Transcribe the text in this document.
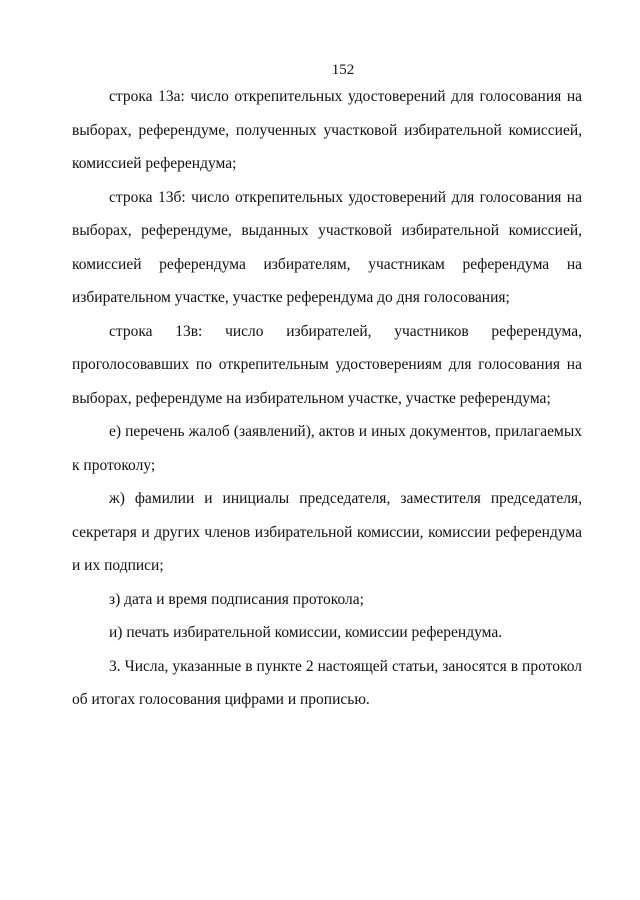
152

строка 13а: число открепительных удостоверений для голосования на выборах, референдуме, полученных участковой избирательной комиссией, комиссией референдума;

строка 13б: число открепительных удостоверений для голосования на выборах, референдуме, выданных участковой избирательной комиссией, комиссией референдума избирателям, участникам референдума на избирательном участке, участке референдума до дня голосования;

строка 13в: число избирателей, участников референдума, проголосовавших по открепительным удостоверениям для голосования на выборах, референдуме на избирательном участке, участке референдума;

е) перечень жалоб (заявлений), актов и иных документов, прилагаемых к протоколу;

ж) фамилии и инициалы председателя, заместителя председателя, секретаря и других членов избирательной комиссии, комиссии референдума и их подписи;

з) дата и время подписания протокола;

и) печать избирательной комиссии, комиссии референдума.

3. Числа, указанные в пункте 2 настоящей статьи, заносятся в протокол об итогах голосования цифрами и прописью.
